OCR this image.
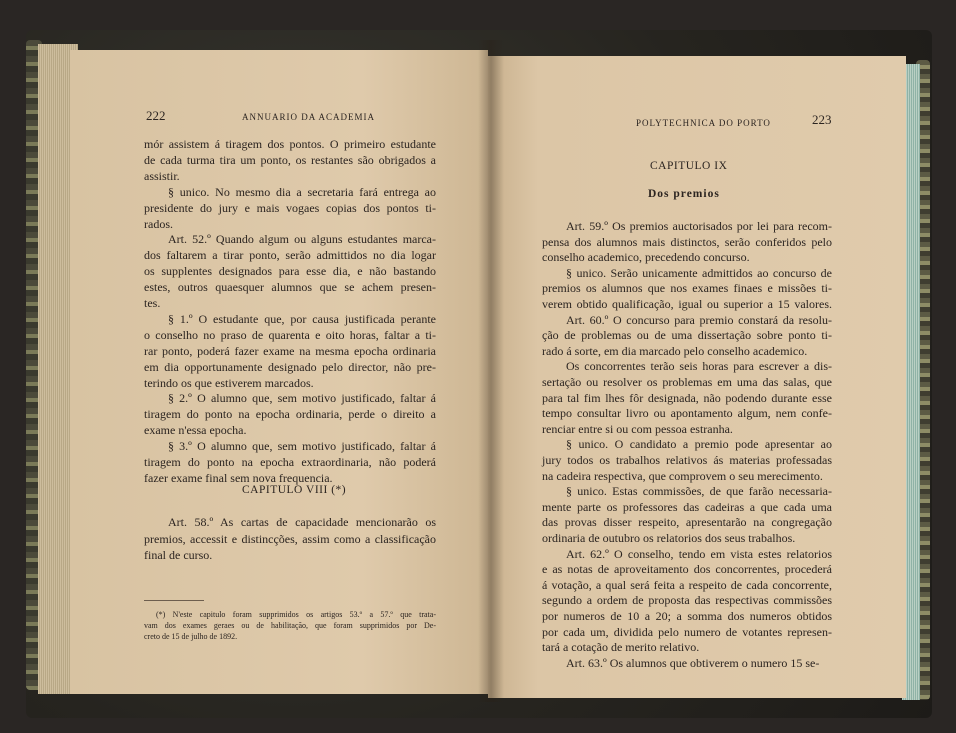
222	ANNUARIO DA ACADEMIA
mór assistem á tiragem dos pontos. O primeiro estudante
de cada turma tira um ponto, os restantes são obrigados a
assistir.
§ unico. No mesmo dia a secretaria fará entrega ao
presidente do jury e mais vogaes copias dos pontos ti-
rados.
Art. 52.º Quando algum ou alguns estudantes marca-
dos faltarem a tirar ponto, serão admittidos no dia logar
os supplentes designados para esse dia, e não bastando
estes, outros quaesquer alumnos que se achem presen-
tes.
§ 1.º O estudante que, por causa justificada perante
o conselho no praso de quarenta e oito horas, faltar a ti-
rar ponto, poderá fazer exame na mesma epocha ordinaria
em dia opportunamente designado pelo director, não pre-
terindo os que estiverem marcados.
§ 2.º O alumno que, sem motivo justificado, faltar á
tiragem do ponto na epocha ordinaria, perde o direito a
exame n'essa epocha.
§ 3.º O alumno que, sem motivo justificado, faltar á
tiragem do ponto na epocha extraordinaria, não poderá
fazer exame final sem nova frequencia.
CAPITULO VIII (*)
Art. 58.º As cartas de capacidade mencionarão os
premios, accessit e distincções, assim como a classificação
final de curso.
(*) N'este capitulo foram supprimidos os artigos 53.º a 57.º que trata-
vam dos exames geraes ou de habilitação, que foram supprimidos por De-
creto de 15 de julho de 1892.
POLYTECHNICA DO PORTO	223
CAPITULO IX
Dos premios
Art. 59.º Os premios auctorisados por lei para recom-
pensa dos alumnos mais distinctos, serão conferidos pelo
conselho academico, precedendo concurso.
§ unico. Serão unicamente admittidos ao concurso de
premios os alumnos que nos exames finaes e missões ti-
verem obtido qualificação, igual ou superior a 15 valores.
Art. 60.º O concurso para premio constará da resolu-
ção de problemas ou de uma dissertação sobre ponto ti-
rado á sorte, em dia marcado pelo conselho academico.
Os concorrentes terão seis horas para escrever a dis-
sertação ou resolver os problemas em uma das salas, que
para tal fim lhes fôr designada, não podendo durante esse
tempo consultar livro ou apontamento algum, nem confe-
renciar entre si ou com pessoa estranha.
§ unico. O candidato a premio pode apresentar ao
jury todos os trabalhos relativos ás materias professadas
na cadeira respectiva, que comprovem o seu merecimento.
§ unico. Estas commissões, de que farão necessaria-
mente parte os professores das cadeiras a que cada uma
das provas disser respeito, apresentarão na congregação
ordinaria de outubro os relatorios dos seus trabalhos.
Art. 62.º O conselho, tendo em vista estes relatorios
e as notas de aproveitamento dos concorrentes, procederá
á votação, a qual será feita a respeito de cada concorrente,
segundo a ordem de proposta das respectivas commissões
por numeros de 10 a 20; a somma dos numeros obtidos
por cada um, dividida pelo numero de votantes represen-
tará a cotação de merito relativo.
Art. 63.º Os alumnos que obtiverem o numero 15 se-
